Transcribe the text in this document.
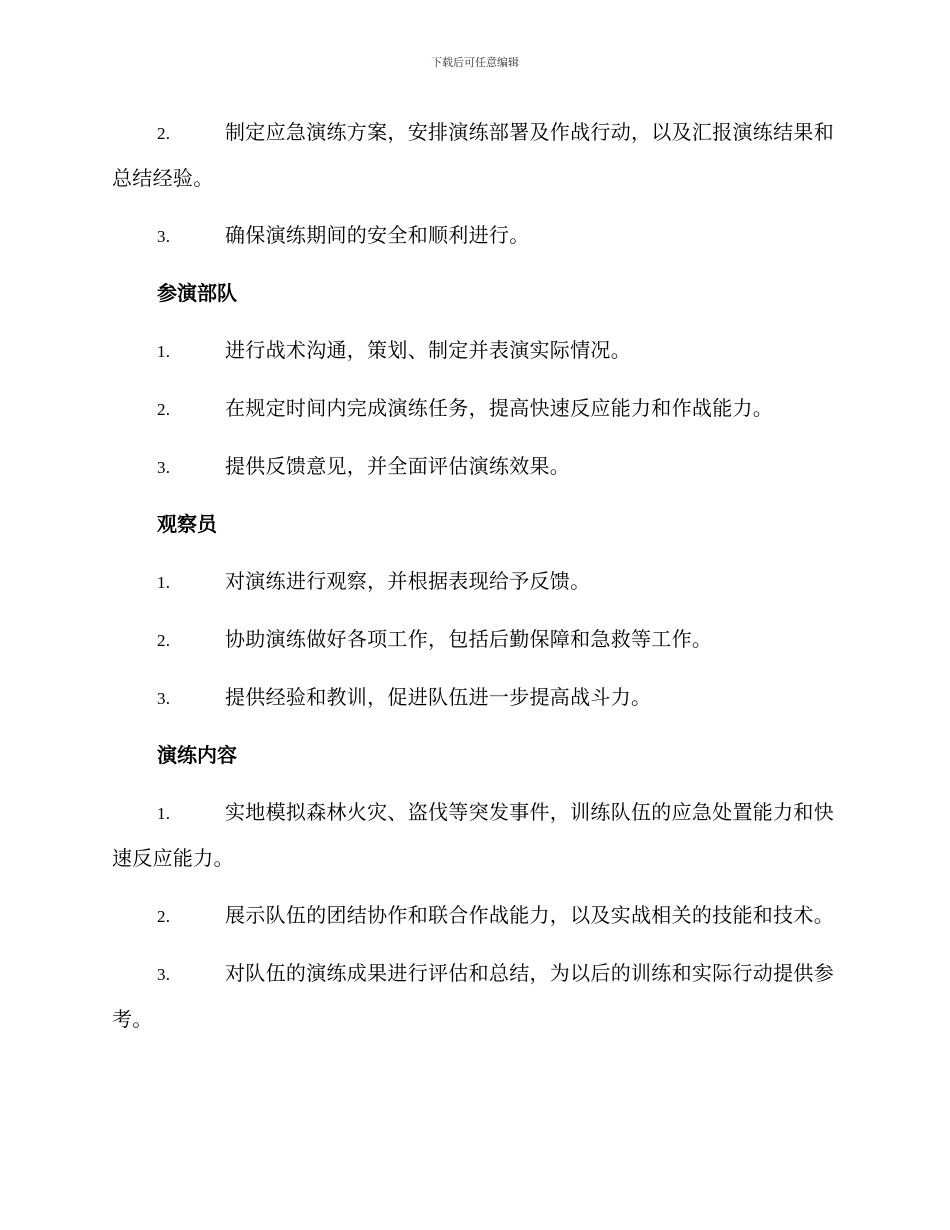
下载后可任意编辑

2.	制定应急演练方案，安排演练部署及作战行动，以及汇报演练结果和总结经验。

3.	确保演练期间的安全和顺利进行。

参演部队

1.	进行战术沟通，策划、制定并表演实际情况。

2.	在规定时间内完成演练任务，提高快速反应能力和作战能力。

3.	提供反馈意见，并全面评估演练效果。

观察员

1.	对演练进行观察，并根据表现给予反馈。

2.	协助演练做好各项工作，包括后勤保障和急救等工作。

3.	提供经验和教训，促进队伍进一步提高战斗力。

演练内容

1.	实地模拟森林火灾、盗伐等突发事件，训练队伍的应急处置能力和快速反应能力。

2.	展示队伍的团结协作和联合作战能力，以及实战相关的技能和技术。

3.	对队伍的演练成果进行评估和总结，为以后的训练和实际行动提供参考。
